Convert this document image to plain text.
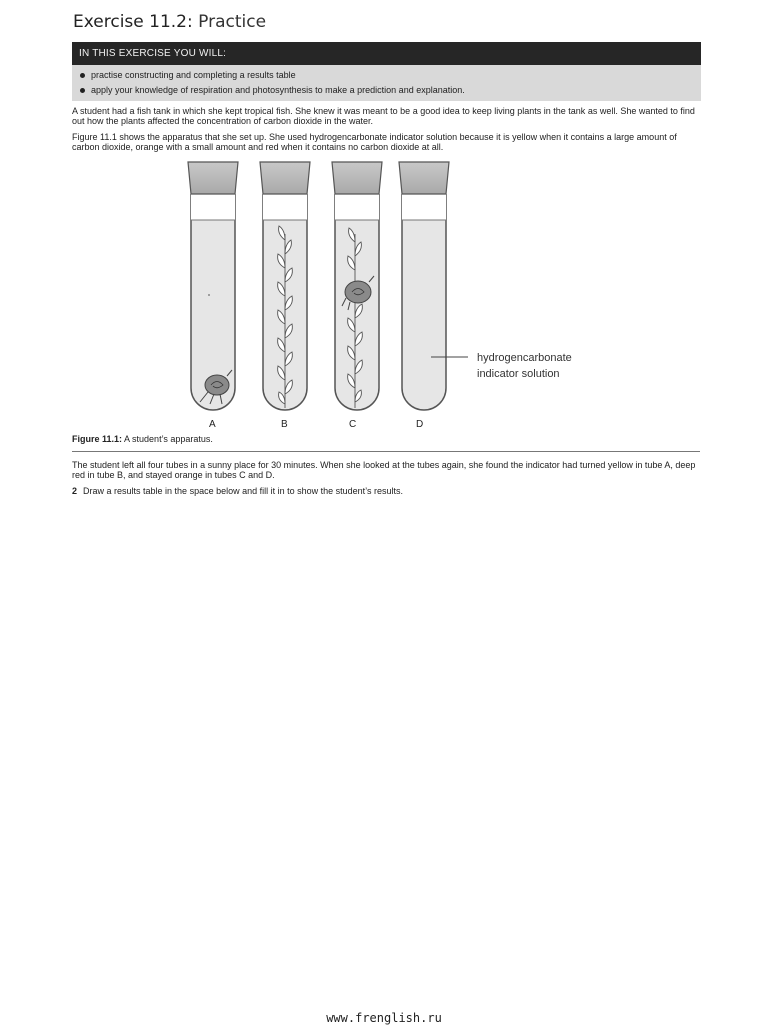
Exercise 11.2: Practice
IN THIS EXERCISE YOU WILL:
practise constructing and completing a results table
apply your knowledge of respiration and photosynthesis to make a prediction and explanation.

A student had a fish tank in which she kept tropical fish. She knew it was meant to be a good idea to keep living plants in the tank as well. She wanted to find out how the plants affected the concentration of carbon dioxide in the water.

Figure 11.1 shows the apparatus that she set up. She used hydrogencarbonate indicator solution because it is yellow when it contains a large amount of carbon dioxide, orange with a small amount and red when it contains no carbon dioxide at all.

A	B	C	D
hydrogencarbonate
indicator solution
Figure 11.1: A student’s apparatus.

The student left all four tubes in a sunny place for 30 minutes. When she looked at the tubes again, she found the indicator had turned yellow in tube A, deep red in tube B, and stayed orange in tubes C and D.

2 Draw a results table in the space below and fill it in to show the student’s results.

www.frenglish.ru
